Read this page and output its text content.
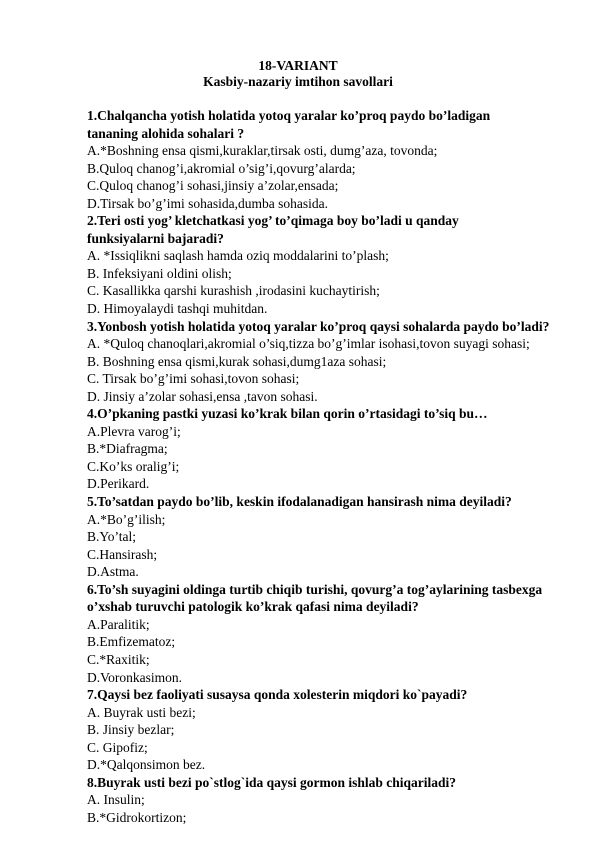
18-VARIANT
Kasbiy-nazariy imtihon savollari
1.Chalqancha yotish holatida yotoq yaralar ko’proq paydo bo’ladigan
tananing alohida sohalari ?
A.*Boshning ensa qismi,kuraklar,tirsak osti, dumg’aza, tovonda;
B.Quloq chanog’i,akromial o’sig’i,qovurg’alarda;
C.Quloq chanog’i sohasi,jinsiy a’zolar,ensada;
D.Tirsak bo’g’imi sohasida,dumba sohasida.
2.Teri osti yog’ kletchatkasi yog’ to’qimaga boy bo’ladi u qanday
funksiyalarni bajaradi?
A. *Issiqlikni saqlash hamda oziq moddalarini to’plash;
B. Infeksiyani oldini olish;
C. Kasallikka qarshi kurashish ,irodasini kuchaytirish;
D. Himoyalaydi tashqi muhitdan.
3.Yonbosh yotish holatida yotoq yaralar ko’proq qaysi sohalarda paydo bo’ladi?
A. *Quloq chanoqlari,akromial o’siq,tizza bo’g’imlar isohasi,tovon suyagi sohasi;
B. Boshning ensa qismi,kurak sohasi,dumg1aza sohasi;
C. Tirsak bo’g’imi sohasi,tovon sohasi;
D. Jinsiy a’zolar sohasi,ensa ,tavon sohasi.
4.O’pkaning pastki yuzasi ko’krak bilan qorin o’rtasidagi to’siq bu…
A.Plevra varog’i;
B.*Diafragma;
C.Ko’ks oralig’i;
D.Perikard.
5.To’satdan paydo bo’lib, keskin ifodalanadigan hansirash nima deyiladi?
A.*Bo’g’ilish;
B.Yo’tal;
C.Hansirash;
D.Astma.
6.To’sh suyagini oldinga turtib chiqib turishi, qovurg’a tog’aylarining tasbexga o’xshab turuvchi patologik ko’krak qafasi nima deyiladi?
A.Paralitik;
B.Emfizematoz;
C.*Raxitik;
D.Voronkasimon.
7.Qaysi bez faoliyati susaysa qonda xolesterin miqdori ko`payadi?
A. Buyrak usti bezi;
B. Jinsiy bezlar;
C. Gipofiz;
D.*Qalqonsimon bez.
8.Buyrak usti bezi po`stlog`ida qaysi gormon ishlab chiqariladi?
A. Insulin;
B.*Gidrokortizon;
